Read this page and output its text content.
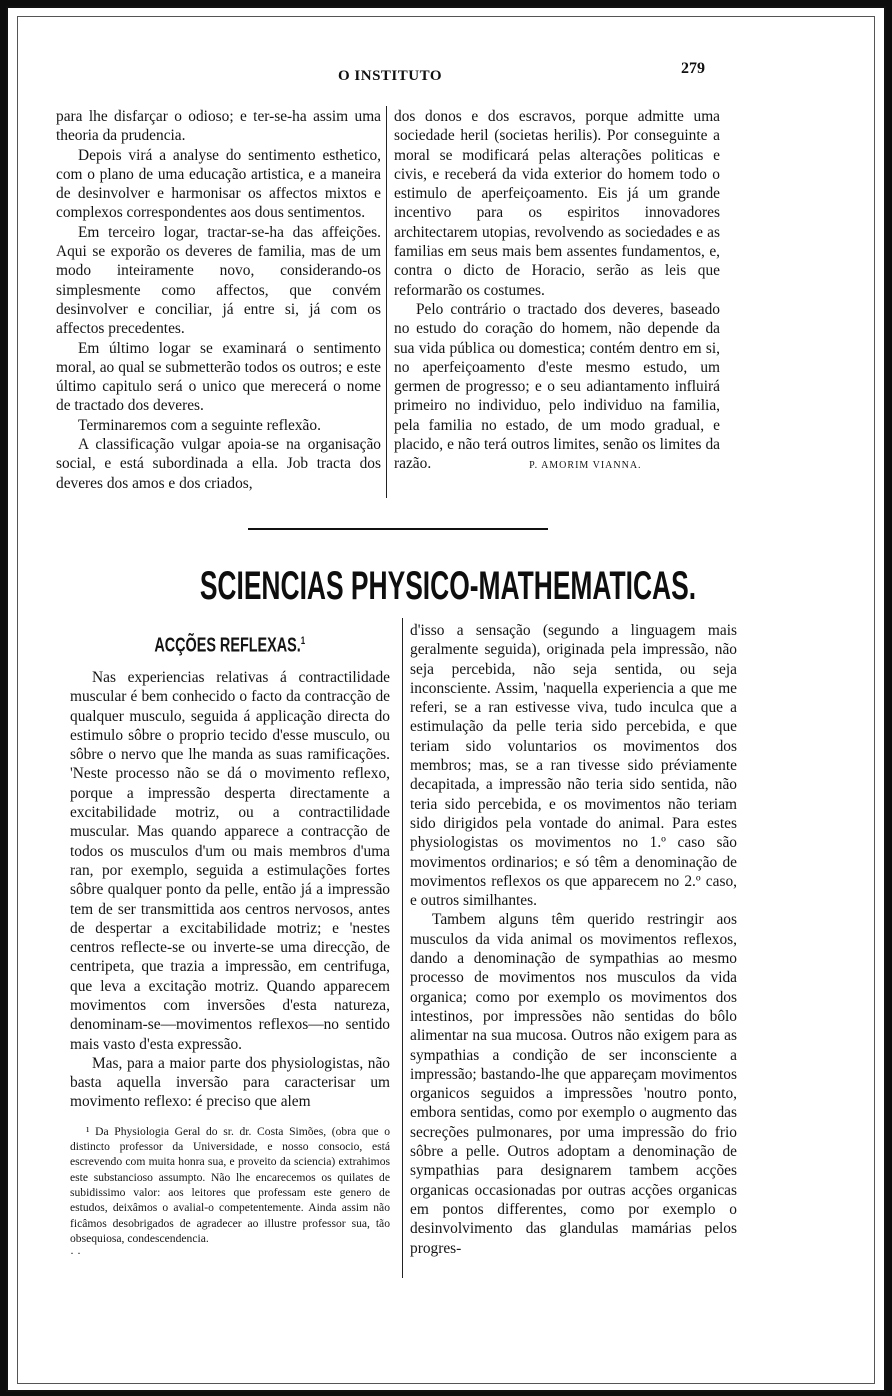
O INSTITUTO	279

para lhe disfarçar o odioso; e ter-se-ha assim uma theoria da prudencia.

Depois virá a analyse do sentimento esthetico, com o plano de uma educação artistica, e a maneira de desinvolver e harmonisar os affectos mixtos e complexos correspondentes aos dous sentimentos.

Em terceiro logar, tractar-se-ha das affeições. Aqui se exporão os deveres de familia, mas de um modo inteiramente novo, considerando-os simplesmente como affectos, que convém desinvolver e conciliar, já entre si, já com os affectos precedentes.

Em último logar se examinará o sentimento moral, ao qual se submetterão todos os outros; e este último capitulo será o unico que merecerá o nome de tractado dos deveres.

Terminaremos com a seguinte reflexão.

A classificação vulgar apoia-se na organisação social, e está subordinada a ella. Job tracta dos deveres dos amos e dos criados,

dos donos e dos escravos, porque admitte uma sociedade heril (societas herilis). Por conseguinte a moral se modificará pelas alterações politicas e civis, e receberá da vida exterior do homem todo o estimulo de aperfeiçoamento. Eis já um grande incentivo para os espiritos innovadores architectarem utopias, revolvendo as sociedades e as familias em seus mais bem assentes fundamentos, e, contra o dicto de Horacio, serão as leis que reformarão os costumes.

Pelo contrário o tractado dos deveres, baseado no estudo do coração do homem, não depende da sua vida pública ou domestica; contém dentro em si, no aperfeiçoamento d'este mesmo estudo, um germen de progresso; e o seu adiantamento influirá primeiro no individuo, pelo individuo na familia, pela familia no estado, de um modo gradual, e placido, e não terá outros limites, senão os limites da razão.	P. AMORIM VIANNA.

SCIENCIAS PHYSICO-MATHEMATICAS.
ACÇÕES REFLEXAS.$^1$

Nas experiencias relativas á contractilidade muscular é bem conhecido o facto da contracção de qualquer musculo, seguida á applicação directa do estimulo sôbre o proprio tecido d'esse musculo, ou sôbre o nervo que lhe manda as suas ramificações. 'Neste processo não se dá o movimento reflexo, porque a impressão desperta directamente a excitabilidade motriz, ou a contractilidade muscular. Mas quando apparece a contracção de todos os musculos d'um ou mais membros d'uma ran, por exemplo, seguida a estimulações fortes sôbre qualquer ponto da pelle, então já a impressão tem de ser transmittida aos centros nervosos, antes de despertar a excitabilidade motriz; e 'nestes centros reflecte-se ou inverte-se uma direcção, de centripeta, que trazia a impressão, em centrifuga, que leva a excitação motriz. Quando apparecem movimentos com inversões d'esta natureza, denominam-se—movimentos reflexos—no sentido mais vasto d'esta expressão.

Mas, para a maior parte dos physiologistas, não basta aquella inversão para caracterisar um movimento reflexo: é preciso que alem

¹ Da Physiologia Geral do sr. dr. Costa Simões, (obra que o distincto professor da Universidade, e nosso consocio, está escrevendo com muita honra sua, e proveito da sciencia) extrahimos este substancioso assumpto. Não lhe encarecemos os quilates de subidissimo valor: aos leitores que professam este genero de estudos, deixâmos o avalial-o competentemente. Ainda assim não ficâmos desobrigados de agradecer ao illustre professor sua, tão obsequiosa, condescendencia.

· ·

d'isso a sensação (segundo a linguagem mais geralmente seguida), originada pela impressão, não seja percebida, não seja sentida, ou seja inconsciente. Assim, 'naquella experiencia a que me referi, se a ran estivesse viva, tudo inculca que a estimulação da pelle teria sido percebida, e que teriam sido voluntarios os movimentos dos membros; mas, se a ran tivesse sido préviamente decapitada, a impressão não teria sido sentida, não teria sido percebida, e os movimentos não teriam sido dirigidos pela vontade do animal. Para estes physiologistas os movimentos no 1.º caso são movimentos ordinarios; e só têm a denominação de movimentos reflexos os que apparecem no 2.º caso, e outros similhantes.

Tambem alguns têm querido restringir aos musculos da vida animal os movimentos reflexos, dando a denominação de sympathias ao mesmo processo de movimentos nos musculos da vida organica; como por exemplo os movimentos dos intestinos, por impressões não sentidas do bôlo alimentar na sua mucosa. Outros não exigem para as sympathias a condição de ser inconsciente a impressão; bastando-lhe que appareçam movimentos organicos seguidos a impressões 'noutro ponto, embora sentidas, como por exemplo o augmento das secreções pulmonares, por uma impressão do frio sôbre a pelle. Outros adoptam a denominação de sympathias para designarem tambem acções organicas occasionadas por outras acções organicas em pontos differentes, como por exemplo o desinvolvimento das glandulas mamárias pelos progres-
